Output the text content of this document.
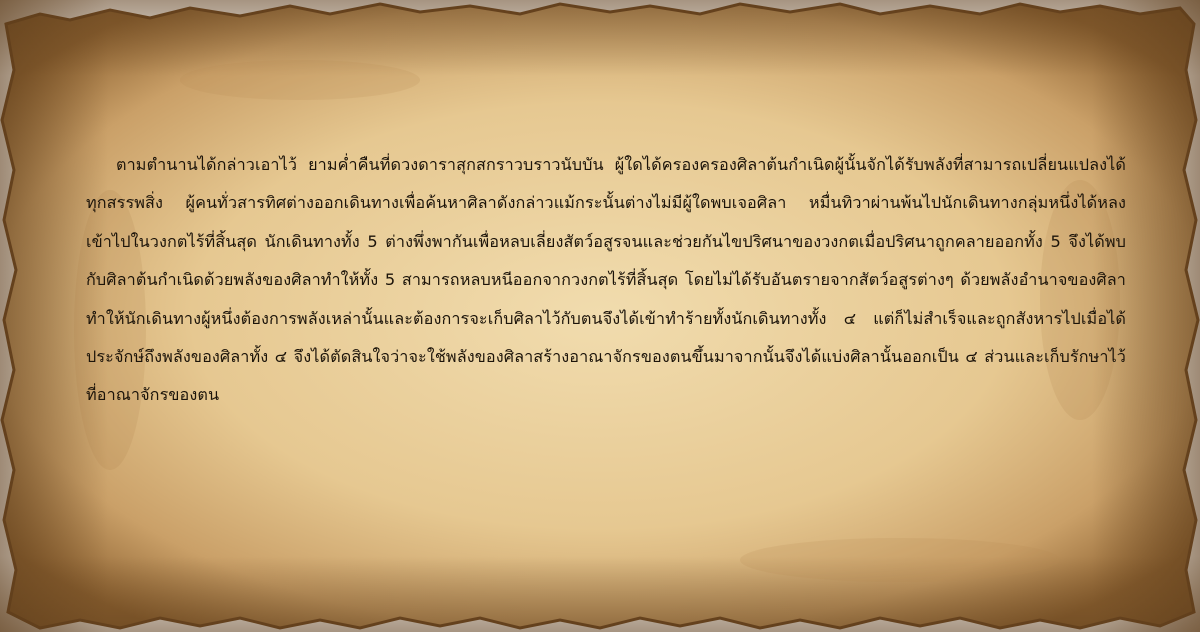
ตามตำนานได้กล่าวเอาไว้ ยามค่ำคืนที่ดวงดาราสุกสกราวบราวนับบัน ผู้ใดได้ครองครองศิลาต้นกำเนิดผู้นั้นจักได้รับพลังที่สามารถเปลี่ยนแปลงได้ทุกสรรพสิ่ง ผู้คนทั่วสารทิศต่างออกเดินทางเพื่อค้นหาศิลาดังกล่าวแม้กระนั้นต่างไม่มีผู้ใดพบเจอศิลา หมื่นทิวาผ่านพ้นไปนักเดินทางกลุ่มหนึ่งได้หลงเข้าไปในวงกตไร้ที่สิ้นสุด นักเดินทางทั้ง 5 ต่างพึ่งพากันเพื่อหลบเลี่ยงสัตว์อสูรจนและช่วยกันไขปริศนาของวงกตเมื่อปริศนาถูกคลายออกทั้ง 5 จึงได้พบกับศิลาต้นกำเนิดด้วยพลังของศิลาทำให้ทั้ง 5 สามารถหลบหนีออกจากวงกตไร้ที่สิ้นสุด โดยไม่ได้รับอันตรายจากสัตว์อสูรต่างๆ ด้วยพลังอำนาจของศิลาทำให้นักเดินทางผู้หนึ่งต้องการพลังเหล่านั้นและต้องการจะเก็บศิลาไว้กับตนจึงได้เข้าทำร้ายทั้งนักเดินทางทั้ง ๔ แต่ก็ไม่สำเร็จและถูกสังหารไปเมื่อได้ประจักษ์ถึงพลังของศิลาทั้ง ๔ จึงได้ตัดสินใจว่าจะใช้พลังของศิลาสร้างอาณาจักรของตนขึ้นมาจากนั้นจึงได้แบ่งศิลานั้นออกเป็น ๔ ส่วนและเก็บรักษาไว้ที่อาณาจักรของตน
